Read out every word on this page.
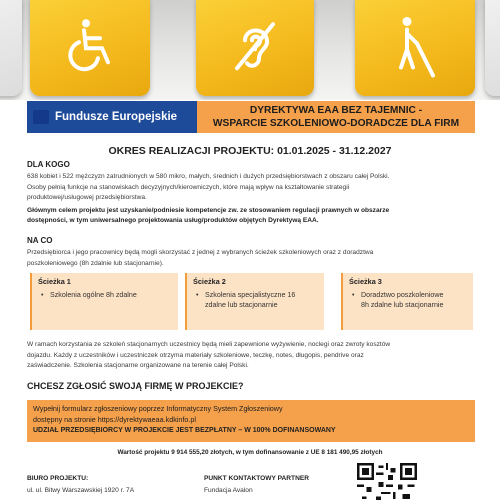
Fundusze Europejskie
DYREKTYWA EAA BEZ TAJEMNIC -
WSPARCIE SZKOLENIOWO-DORADCZE DLA FIRM
OKRES REALIZACJI PROJEKTU: 01.01.2025 - 31.12.2027
DLA KOGO
638 kobiet i 522 mężczyzn zatrudnionych w 580 mikro, małych, średnich i dużych przedsiębiorstwach z obszaru całej Polski.
Osoby pełnią funkcje na stanowiskach decyzyjnych/kierowniczych, które mają wpływ na kształtowanie strategii
produktowej/usługowej przedsiębiorstwa.
Głównym celem projektu jest uzyskanie/podniesie kompetencje zw. ze stosowaniem regulacji prawnych w obszarze
dostępności, w tym uniwersalnego projektowania usług/produktów objętych Dyrektywą EAA.
NA CO
Przedsiębiorca i jego pracownicy będą mogli skorzystać z jednej z wybranych ścieżek szkoleniowych oraz z doradztwa
poszkoleniowego (8h zdalnie lub stacjonarnie).
Ścieżka 1
• Szkolenia ogólne 8h zdalne
Ścieżka 2
• Szkolenia specjalistyczne 16
zdalne lub stacjonarnie
Ścieżka 3
• Doradztwo poszkoleniowe
8h zdalne lub stacjonarnie
W ramach korzystania ze szkoleń stacjonarnych uczestnicy będą mieli zapewnione wyżywienie, noclegi oraz zwroty kosztów
dojazdu. Każdy z uczestników i uczestniczek otrzyma materiały szkoleniowe, teczkę, notes, długopis, pendrive oraz
zaświadczenie. Szkolenia stacjonarne organizowane na terenie całej Polski.
CHCESZ ZGŁOSIĆ SWOJĄ FIRMĘ W PROJEKCIE?
Wypełnij formularz zgłoszeniowy poprzez Informatyczny System Zgłoszeniowy
dostępny na stronie https://dyrektywaeaa.kdkinfo.pl
UDZIAŁ PRZEDSIĘBIORCY W PROJEKCIE JEST BEZPŁATNY – W 100% DOFINANSOWANY
Wartość projektu 9 914 555,20 złotych, w tym dofinansowanie z UE 8 181 490,95 złotych
BIURO PROJEKTU:
ul. ul. Bitwy Warszawskiej 1920 r. 7A
PUNKT KONTAKTOWY PARTNER
Fundacja Avalon
